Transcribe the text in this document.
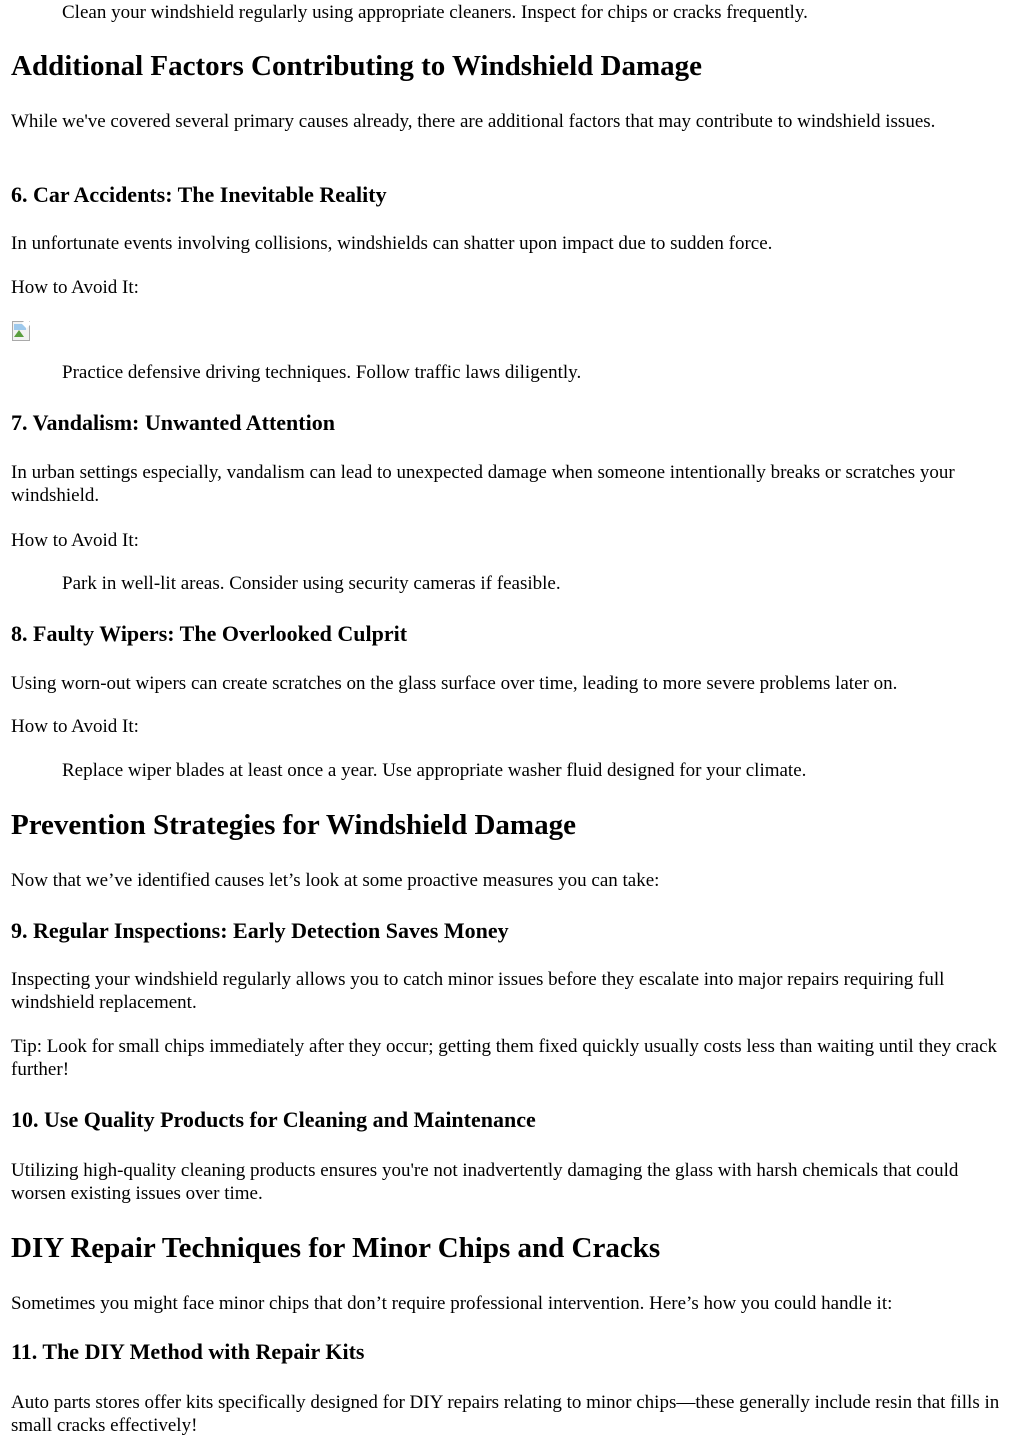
Clean your windshield regularly using appropriate cleaners. Inspect for chips or cracks frequently.

Additional Factors Contributing to Windshield Damage

While we've covered several primary causes already, there are additional factors that may contribute to windshield issues.

6. Car Accidents: The Inevitable Reality

In unfortunate events involving collisions, windshields can shatter upon impact due to sudden force.

How to Avoid It:

Practice defensive driving techniques. Follow traffic laws diligently.

7. Vandalism: Unwanted Attention

In urban settings especially, vandalism can lead to unexpected damage when someone intentionally breaks or scratches your windshield.

How to Avoid It:

Park in well-lit areas. Consider using security cameras if feasible.

8. Faulty Wipers: The Overlooked Culprit

Using worn-out wipers can create scratches on the glass surface over time, leading to more severe problems later on.

How to Avoid It:

Replace wiper blades at least once a year. Use appropriate washer fluid designed for your climate.

Prevention Strategies for Windshield Damage

Now that we’ve identified causes let’s look at some proactive measures you can take:

9. Regular Inspections: Early Detection Saves Money

Inspecting your windshield regularly allows you to catch minor issues before they escalate into major repairs requiring full windshield replacement.

Tip: Look for small chips immediately after they occur; getting them fixed quickly usually costs less than waiting until they crack further!

10. Use Quality Products for Cleaning and Maintenance

Utilizing high-quality cleaning products ensures you're not inadvertently damaging the glass with harsh chemicals that could worsen existing issues over time.

DIY Repair Techniques for Minor Chips and Cracks

Sometimes you might face minor chips that don’t require professional intervention. Here’s how you could handle it:

11. The DIY Method with Repair Kits

Auto parts stores offer kits specifically designed for DIY repairs relating to minor chips—these generally include resin that fills in small cracks effectively!
